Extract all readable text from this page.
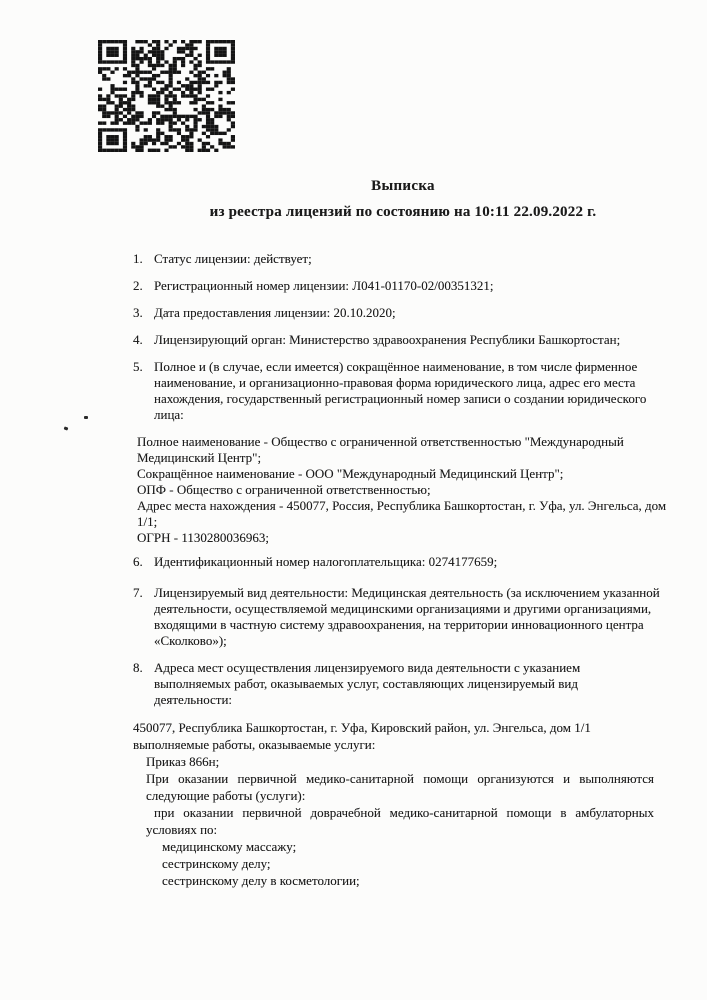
Выписка
из реестра лицензий по состоянию на 10:11 22.09.2022 г.
1. Статус лицензии: действует;
2. Регистрационный номер лицензии: Л041-01170-02/00351321;
3. Дата предоставления лицензии: 20.10.2020;
4. Лицензирующий орган: Министерство здравоохранения Республики Башкортостан;
5. Полное и (в случае, если имеется) сокращённое наименование, в том числе фирменное наименование, и организационно-правовая форма юридического лица, адрес его места нахождения, государственный регистрационный номер записи о создании юридического лица:
Полное наименование - Общество с ограниченной ответственностью "Международный Медицинский Центр";
Сокращённое наименование - ООО "Международный Медицинский Центр";
ОПФ - Общество с ограниченной ответственностью;
Адрес места нахождения - 450077, Россия, Республика Башкортостан, г. Уфа, ул. Энгельса, дом 1/1;
ОГРН - 1130280036963;
6. Идентификационный номер налогоплательщика: 0274177659;
7. Лицензируемый вид деятельности: Медицинская деятельность (за исключением указанной деятельности, осуществляемой медицинскими организациями и другими организациями, входящими в частную систему здравоохранения, на территории инновационного центра «Сколково»);
8. Адреса мест осуществления лицензируемого вида деятельности с указанием выполняемых работ, оказываемых услуг, составляющих лицензируемый вид деятельности:
450077, Республика Башкортостан, г. Уфа, Кировский район, ул. Энгельса, дом 1/1
выполняемые работы, оказываемые услуги:
Приказ 866н;
При оказании первичной медико-санитарной помощи организуются и выполняются следующие работы (услуги):
при оказании первичной доврачебной медико-санитарной помощи в амбулаторных условиях по:
медицинскому массажу;
сестринскому делу;
сестринскому делу в косметологии;
